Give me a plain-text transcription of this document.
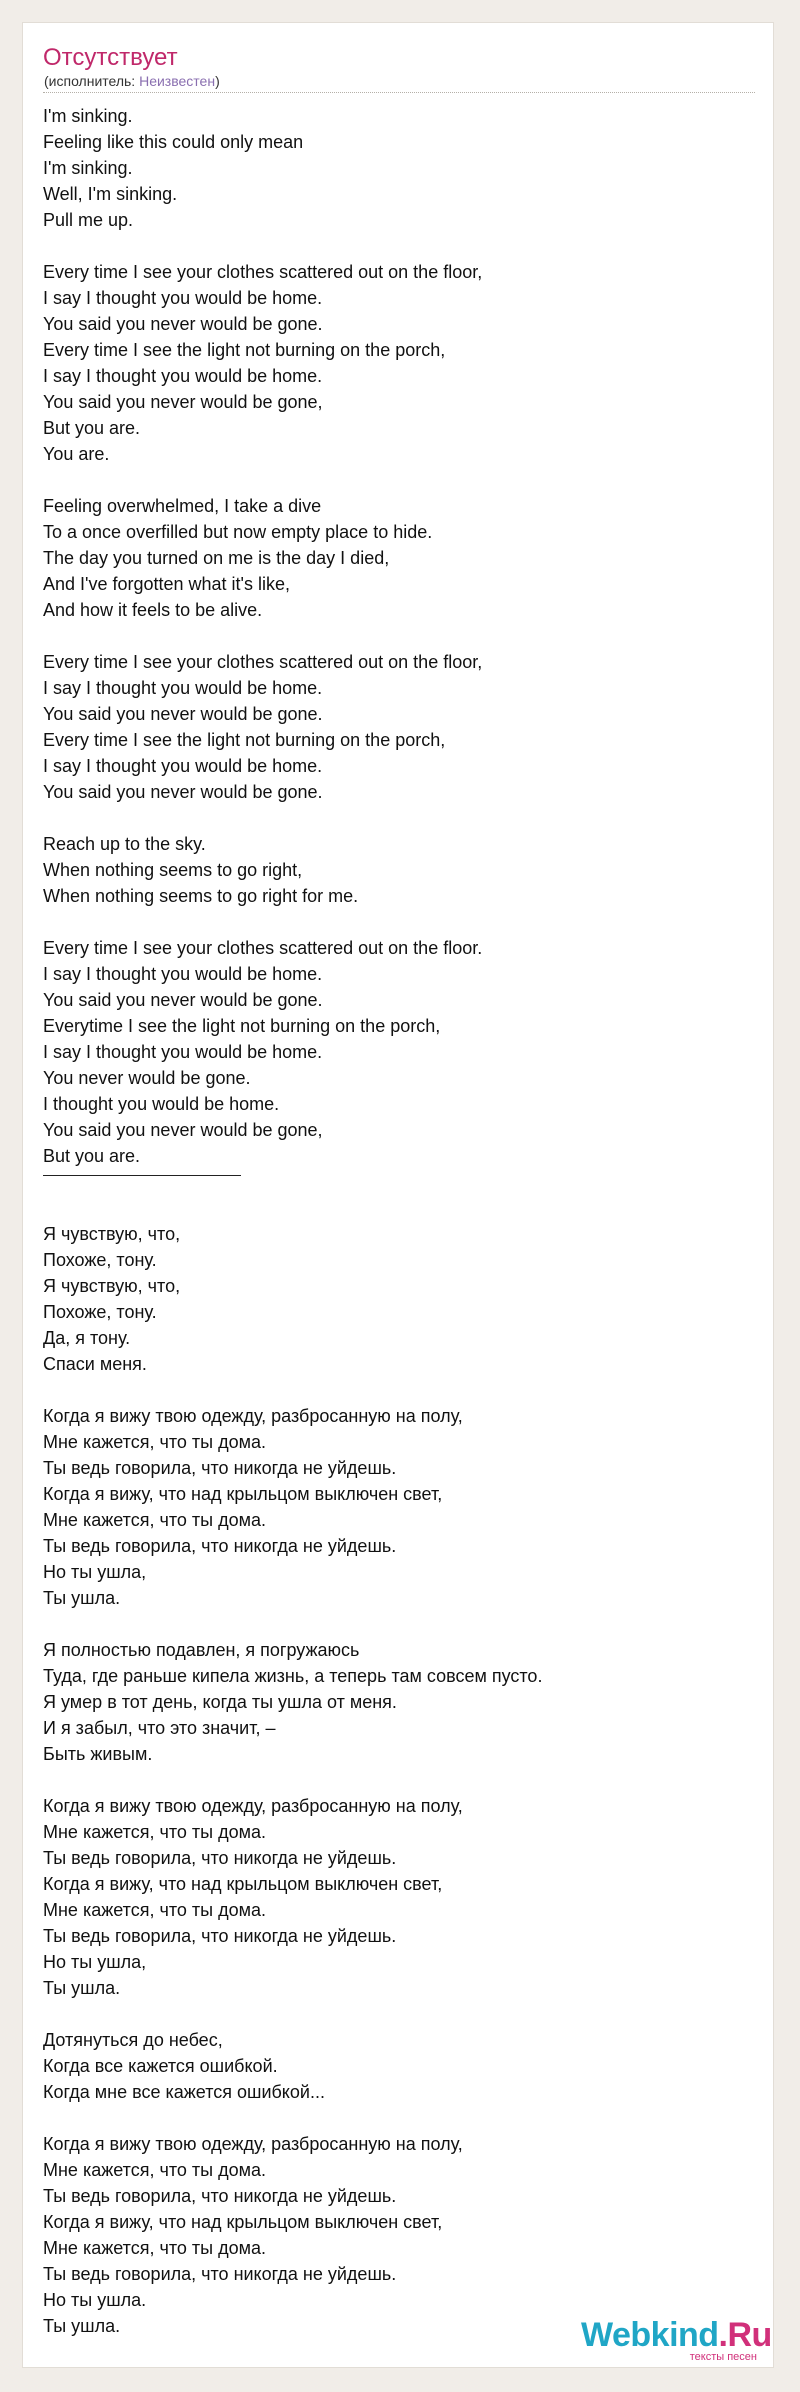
Отсутствует
(исполнитель: Неизвестен)
I'm sinking.
Feeling like this could only mean
I'm sinking.
Well, I'm sinking.
Pull me up.
Every time I see your clothes scattered out on the floor,
I say I thought you would be home.
You said you never would be gone.
Every time I see the light not burning on the porch,
I say I thought you would be home.
You said you never would be gone,
But you are.
You are.
Feeling overwhelmed, I take a dive
To a once overfilled but now empty place to hide.
The day you turned on me is the day I died,
And I've forgotten what it's like,
And how it feels to be alive.
Every time I see your clothes scattered out on the floor,
I say I thought you would be home.
You said you never would be gone.
Every time I see the light not burning on the porch,
I say I thought you would be home.
You said you never would be gone.
Reach up to the sky.
When nothing seems to go right,
When nothing seems to go right for me.
Every time I see your clothes scattered out on the floor.
I say I thought you would be home.
You said you never would be gone.
Everytime I see the light not burning on the porch,
I say I thought you would be home.
You never would be gone.
I thought you would be home.
You said you never would be gone,
But you are.
Я чувствую, что,
Похоже, тону.
Я чувствую, что,
Похоже, тону.
Да, я тону.
Спаси меня.
Когда я вижу твою одежду, разбросанную на полу,
Мне кажется, что ты дома.
Ты ведь говорила, что никогда не уйдешь.
Когда я вижу, что над крыльцом выключен свет,
Мне кажется, что ты дома.
Ты ведь говорила, что никогда не уйдешь.
Но ты ушла,
Ты ушла.
Я полностью подавлен, я погружаюсь
Туда, где раньше кипела жизнь, а теперь там совсем пусто.
Я умер в тот день, когда ты ушла от меня.
И я забыл, что это значит, –
Быть живым.
Когда я вижу твою одежду, разбросанную на полу,
Мне кажется, что ты дома.
Ты ведь говорила, что никогда не уйдешь.
Когда я вижу, что над крыльцом выключен свет,
Мне кажется, что ты дома.
Ты ведь говорила, что никогда не уйдешь.
Но ты ушла,
Ты ушла.
Дотянуться до небес,
Когда все кажется ошибкой.
Когда мне все кажется ошибкой...
Когда я вижу твою одежду, разбросанную на полу,
Мне кажется, что ты дома.
Ты ведь говорила, что никогда не уйдешь.
Когда я вижу, что над крыльцом выключен свет,
Мне кажется, что ты дома.
Ты ведь говорила, что никогда не уйдешь.
Но ты ушла.
Ты ушла.	Webkind.Ru
тексты песен
